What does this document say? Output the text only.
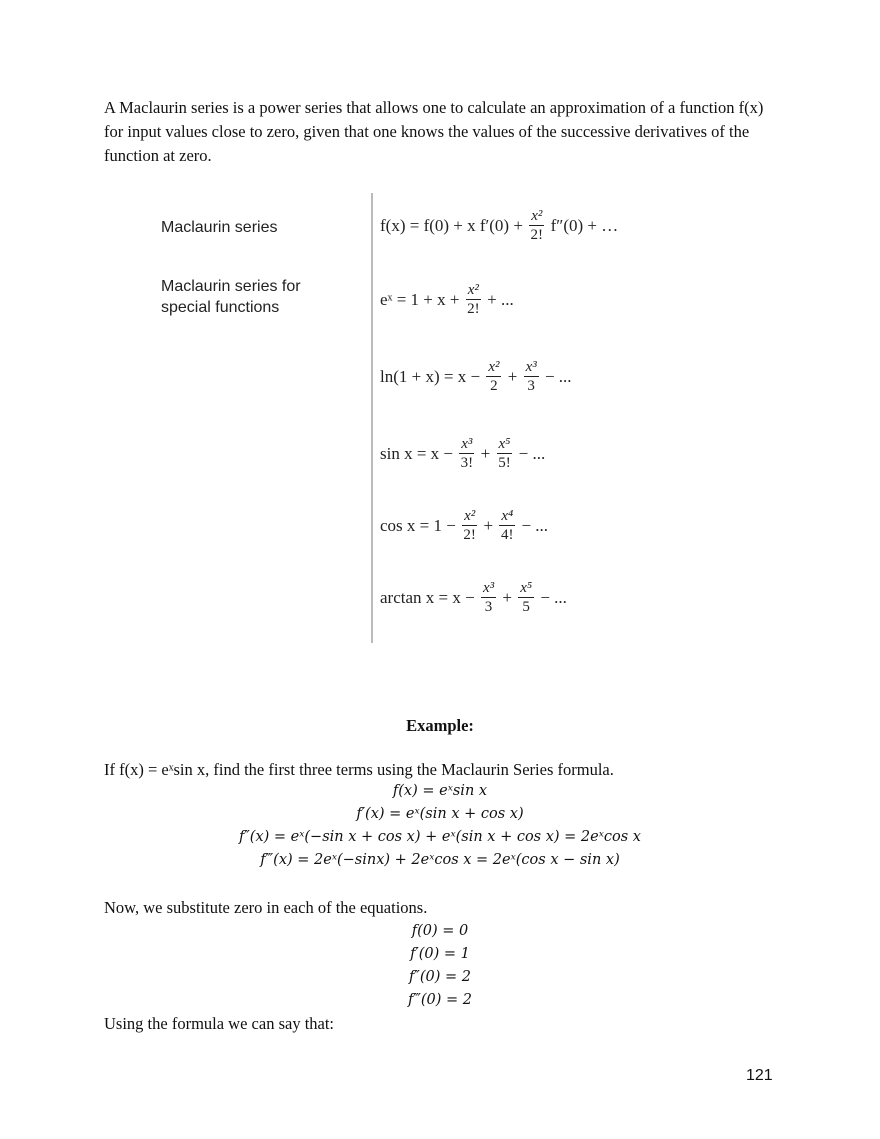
A Maclaurin series is a power series that allows one to calculate an approximation of a function f(x) for input values close to zero, given that one knows the values of the successive derivatives of the function at zero.
Maclaurin series
Maclaurin series for
special functions
f(x) = f(0) + x $f'(0) + \frac{\text{x²}}{2!} f''(0)$ + …
eˣ = $1 + x + \frac{\text{x²}}{2!}$ + ...
$\ln(1 + x) = x - \frac{\text{x²}}{2} + \frac{\text{x³}}{3}$ − ...
$\sin x = x - \frac{\text{x³}}{3!} + \frac{\text{x⁵}}{5!}$ − ...
$\cos x = 1 - \frac{\text{x²}}{2!} + \frac{\text{x⁴}}{4!}$ − ...
$\arctan x = x - \frac{\text{x³}}{3} + \frac{\text{x⁵}}{5}$ − ...
Example:
If f(x) = eˣsin x, find the first three terms using the Maclaurin Series formula.
f(x) = eˣsin x
f′(x) = eˣ(sin x + cos x)
f″(x) = eˣ(−sin x + cos x) + eˣ(sin x + cos x) = 2eˣcos x
f‴(x) = 2eˣ(−sinx) + 2eˣcos x = 2eˣ(cos x − sin x)
Now, we substitute zero in each of the equations.
f(0) = 0
f′(0) = 1
f″(0) = 2
f‴(0) = 2
Using the formula we can say that:
121
